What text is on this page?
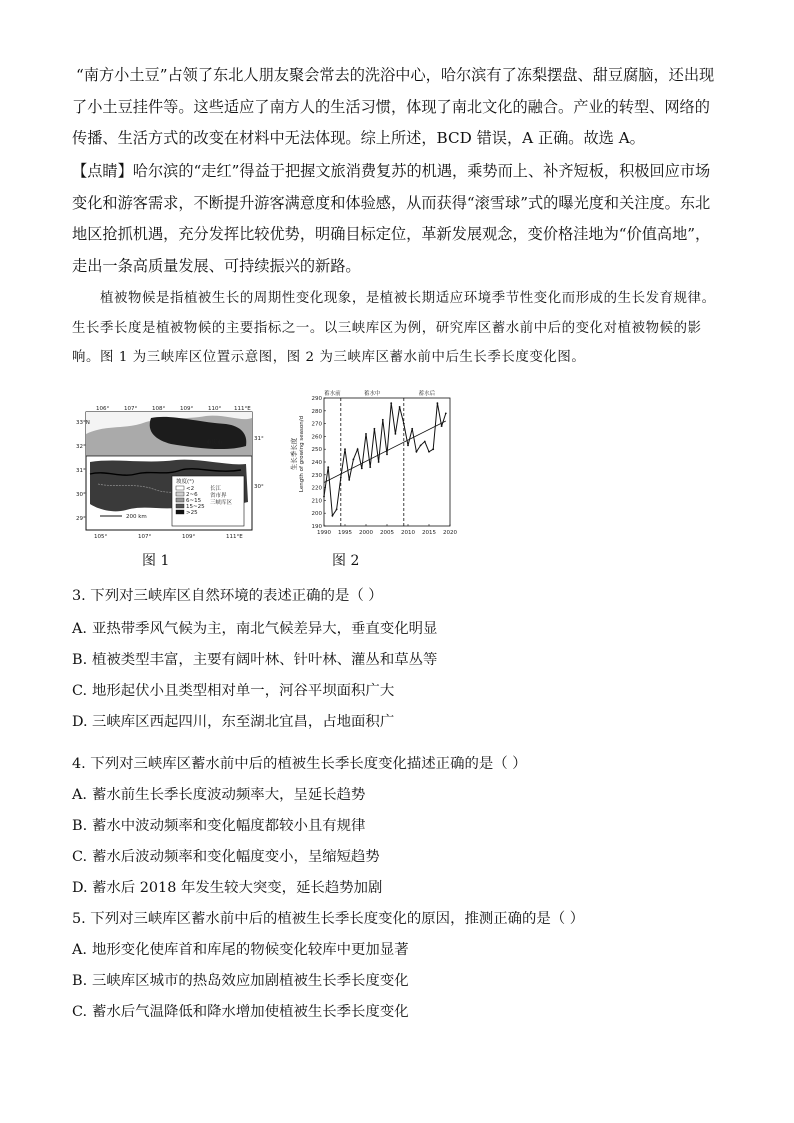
“南方小土豆”占领了东北人朋友聚会常去的洗浴中心，哈尔滨有了冻梨摆盘、甜豆腐脑，还出现了小土豆挂件等。这些适应了南方人的生活习惯，体现了南北文化的融合。产业的转型、网络的传播、生活方式的改变在材料中无法体现。综上所述，BCD 错误，A 正确。故选 A。

【点睛】哈尔滨的“走红”得益于把握文旅消费复苏的机遇，乘势而上、补齐短板，积极回应市场变化和游客需求，不断提升游客满意度和体验感，从而获得“滚雪球”式的曝光度和关注度。东北地区抢抓机遇，充分发挥比较优势，明确目标定位，革新发展观念，变价格洼地为“价值高地”，走出一条高质量发展、可持续振兴的新路。

植被物候是指植被生长的周期性变化现象，是植被长期适应环境季节性变化而形成的生长发育规律。生长季长度是植被物候的主要指标之一。以三峡库区为例，研究库区蓄水前中后的变化对植被物候的影响。图 1 为三峡库区位置示意图，图 2 为三峡库区蓄水前中后生长季长度变化图。

坡度(°)
<2
2~6
6~15
15~25
>25
长江
省市界
三峡库区
重庆市
200 km
106°	107°	108°	109°	110° 111°E
105°	107°	109°	111°E
33°N
32°
31°
30°
29°
31°
30°
图 1
蓄水前	蓄水中	蓄水后
190
200
210
220
230
240
250
260
270
280
290
1990 1995 2000 2005 2010 2015 2020
生长季长度 Length of growing season/d
图 2

3. 下列对三峡库区自然环境的表述正确的是（ ）

A. 亚热带季风气候为主，南北气候差异大，垂直变化明显

B. 植被类型丰富，主要有阔叶林、针叶林、灌丛和草丛等

C. 地形起伏小且类型相对单一，河谷平坝面积广大

D. 三峡库区西起四川，东至湖北宜昌，占地面积广

4. 下列对三峡库区蓄水前中后的植被生长季长度变化描述正确的是（ ）

A. 蓄水前生长季长度波动频率大，呈延长趋势

B. 蓄水中波动频率和变化幅度都较小且有规律

C. 蓄水后波动频率和变化幅度变小，呈缩短趋势

D. 蓄水后 2018 年发生较大突变，延长趋势加剧

5. 下列对三峡库区蓄水前中后的植被生长季长度变化的原因，推测正确的是（ ）

A. 地形变化使库首和库尾的物候变化较库中更加显著

B. 三峡库区城市的热岛效应加剧植被生长季长度变化

C. 蓄水后气温降低和降水增加使植被生长季长度变化
